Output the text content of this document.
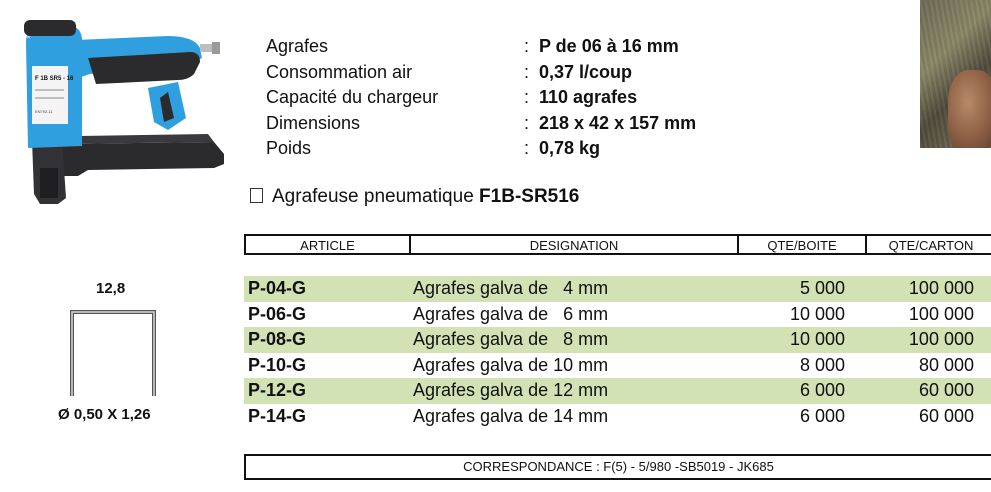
F 1B SR5 - 16
EN792-11
Agrafes	: P de 06 à 16 mm
Consommation air	: 0,37 l/coup
Capacité du chargeur	: 110 agrafes
Dimensions	: 218 x 42 x 157 mm
Poids	: 0,78 kg
Agrafeuse pneumatique F1B-SR516
ARTICLE	DESIGNATION	QTE/BOITE	QTE/CARTON
P-04-G	Agrafes galva de   4 mm	5 000	100 000
P-06-G	Agrafes galva de   6 mm	10 000	100 000
P-08-G	Agrafes galva de   8 mm	10 000	100 000
P-10-G	Agrafes galva de 10 mm	8 000	80 000
P-12-G	Agrafes galva de 12 mm	6 000	60 000
P-14-G	Agrafes galva de 14 mm	6 000	60 000
CORRESPONDANCE : F(5) - 5/980 -SB5019 - JK685
12,8
Ø 0,50 X 1,26
